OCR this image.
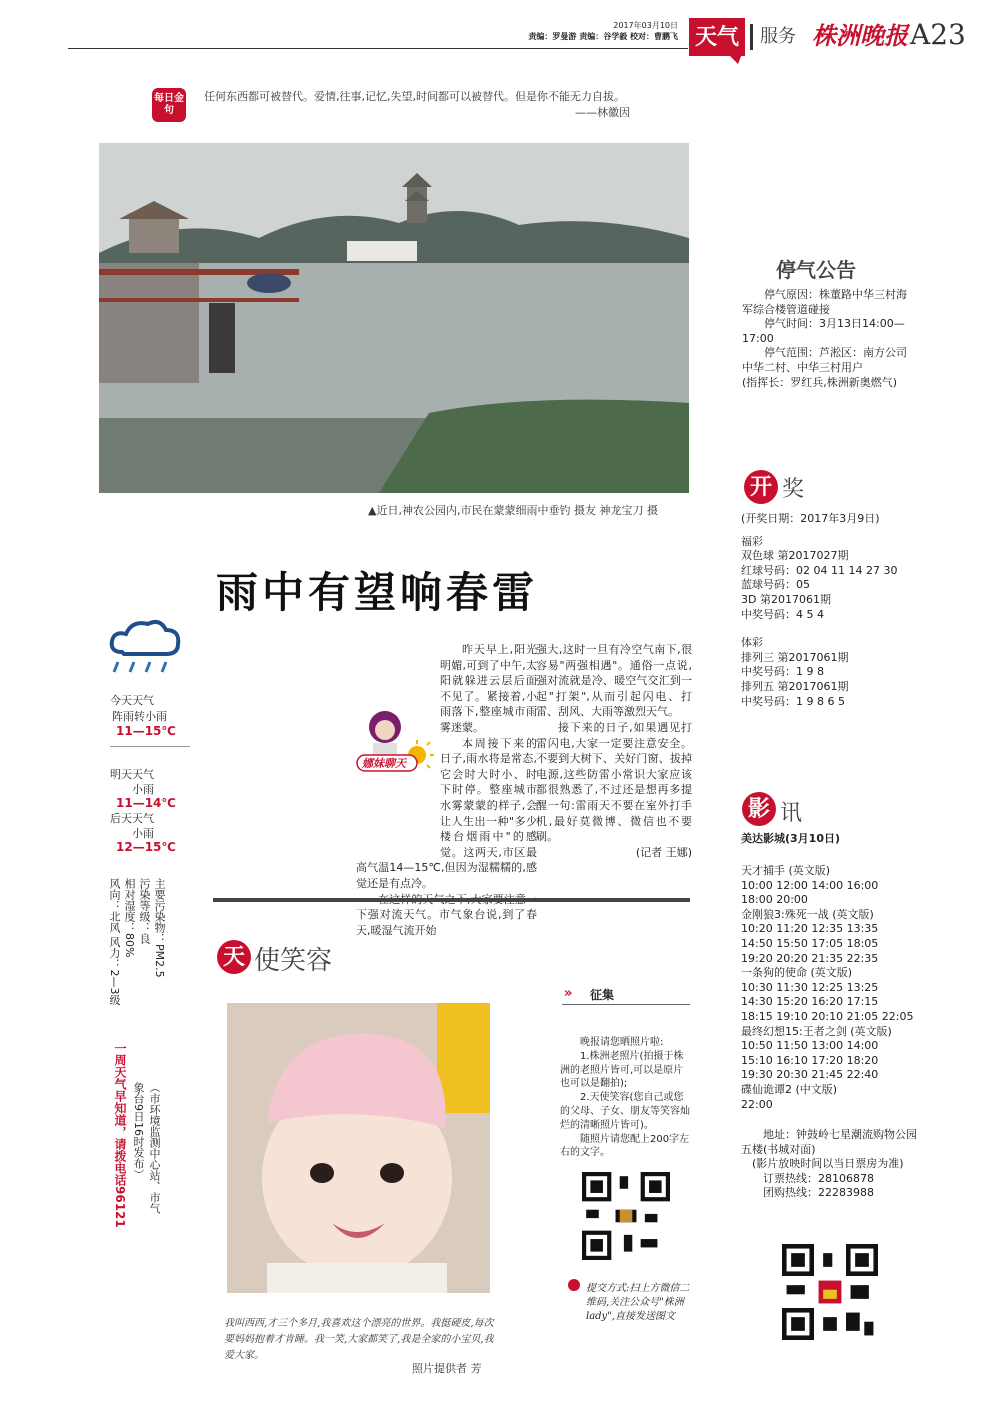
2017年03月10日
责编：罗曼游 责编：谷学毅 校对：曹鹏飞 天气	服务 株洲晚报 A23
每日金句
任何东西都可被替代。爱情,往事,记忆,失望,时间都可以被替代。但是你不能无力自拔。
——林徽因
▲近日,神农公园内,市民在蒙蒙细雨中垂钓 摄友 神龙宝刀 摄
雨中有望响春雷
今天天气
阵雨转小雨
11—15℃
明天天气
小雨
11—14℃
后天天气
小雨
12—15℃
主要污染物：PM2.5
污染等级：良
相对湿度：80%
风向：北风 风力：2—3级
（市环境监测中心站、市气
象台9日16时发布）
一周天气早知道，请拨电话96121
娜妹聊天

昨天早上,阳光明媚,可到了中午,太阳就躲进云层后面不见了。紧接着,小雨落下,整座城市雨雾迷蒙。

本周接下来的日子,雨水将是常态,它会时大时小、时下时停。整座城市水雾蒙蒙的样子,会让人生出一种"多少楼台烟雨中"的感觉。这两天,市区最高气温14—15℃,但因为湿糯糯的,感觉还是有点冷。

下强对流天气。市气象台说,到了春天,暖湿气流开始

强大,这时一旦有冷空气南下,很容易"两强相遇"。通俗一点说,强对流就是冷、暖空气交汇到一起"打架",从而引起闪电、打雷、刮风、大雨等激烈天气。

接下来的日子,如果遇见打雷闪电,大家一定要注意安全。不要到大树下、关好门窗、拔掉电源,这些防雷小常识大家应该都很熟悉了,不过还是想再多提醒一句:雷雨天不要在室外打手机,最好莫微博、微信也不要刷。

(记者 王娜)

天 使笑容
我叫西西,才三个多月,我喜欢这个漂亮的世界。我挺硬皮,每次要妈妈抱着才肯睡。我一笑,大家都笑了,我是全家的小宝贝,我爱大家。
照片提供者 芳
» 征集

晚报请您晒照片啦:

1.株洲老照片(拍摄于株洲的老照片皆可,可以是原片也可以是翻拍);

2.天使笑容(您自己或您的父母、子女、朋友等笑容灿烂的清晰照片皆可)。

随照片请您配上200字左右的文字。

提交方式:扫上方微信二维码,关注公众号"株洲lady",直接发送图文
停气公告
停气原因：株董路中华三村海军综合楼管道碰接
停气时间：3月13日14:00—17:00
停气范围：芦淞区：南方公司中华二村、中华三村用户
(指挥长：罗红兵,株洲新奥燃气)
开 奖
(开奖日期：2017年3月9日)
福彩
双色球 第2017027期
红球号码：02 04 11 14 27 30
蓝球号码：05
3D 第2017061期
中奖号码：4 5 4
体彩
排列三 第2017061期
中奖号码：1 9 8
排列五 第2017061期
中奖号码：1 9 8 6 5
影 讯
美达影城(3月10日)
天才捕手 (英文版)
10:00 12:00 14:00 16:00
18:00 20:00
金刚狼3:殊死一战 (英文版)
10:20 11:20 12:35 13:35
14:50 15:50 17:05 18:05
19:20 20:20 21:35 22:35
一条狗的使命 (英文版)
10:30 11:30 12:25 13:25
14:30 15:20 16:20 17:15
18:15 19:10 20:10 21:05 22:05
最终幻想15:王者之剑 (英文版)
10:50 11:50 13:00 14:00
15:10 16:10 17:20 18:20
19:30 20:30 21:45 22:40
碟仙诡谭2 (中文版)
22:00
地址：钟鼓岭七星潮流购物公园五楼(书城对面)
(影片放映时间以当日票房为准)
订票热线：28106878
团购热线：22283988
